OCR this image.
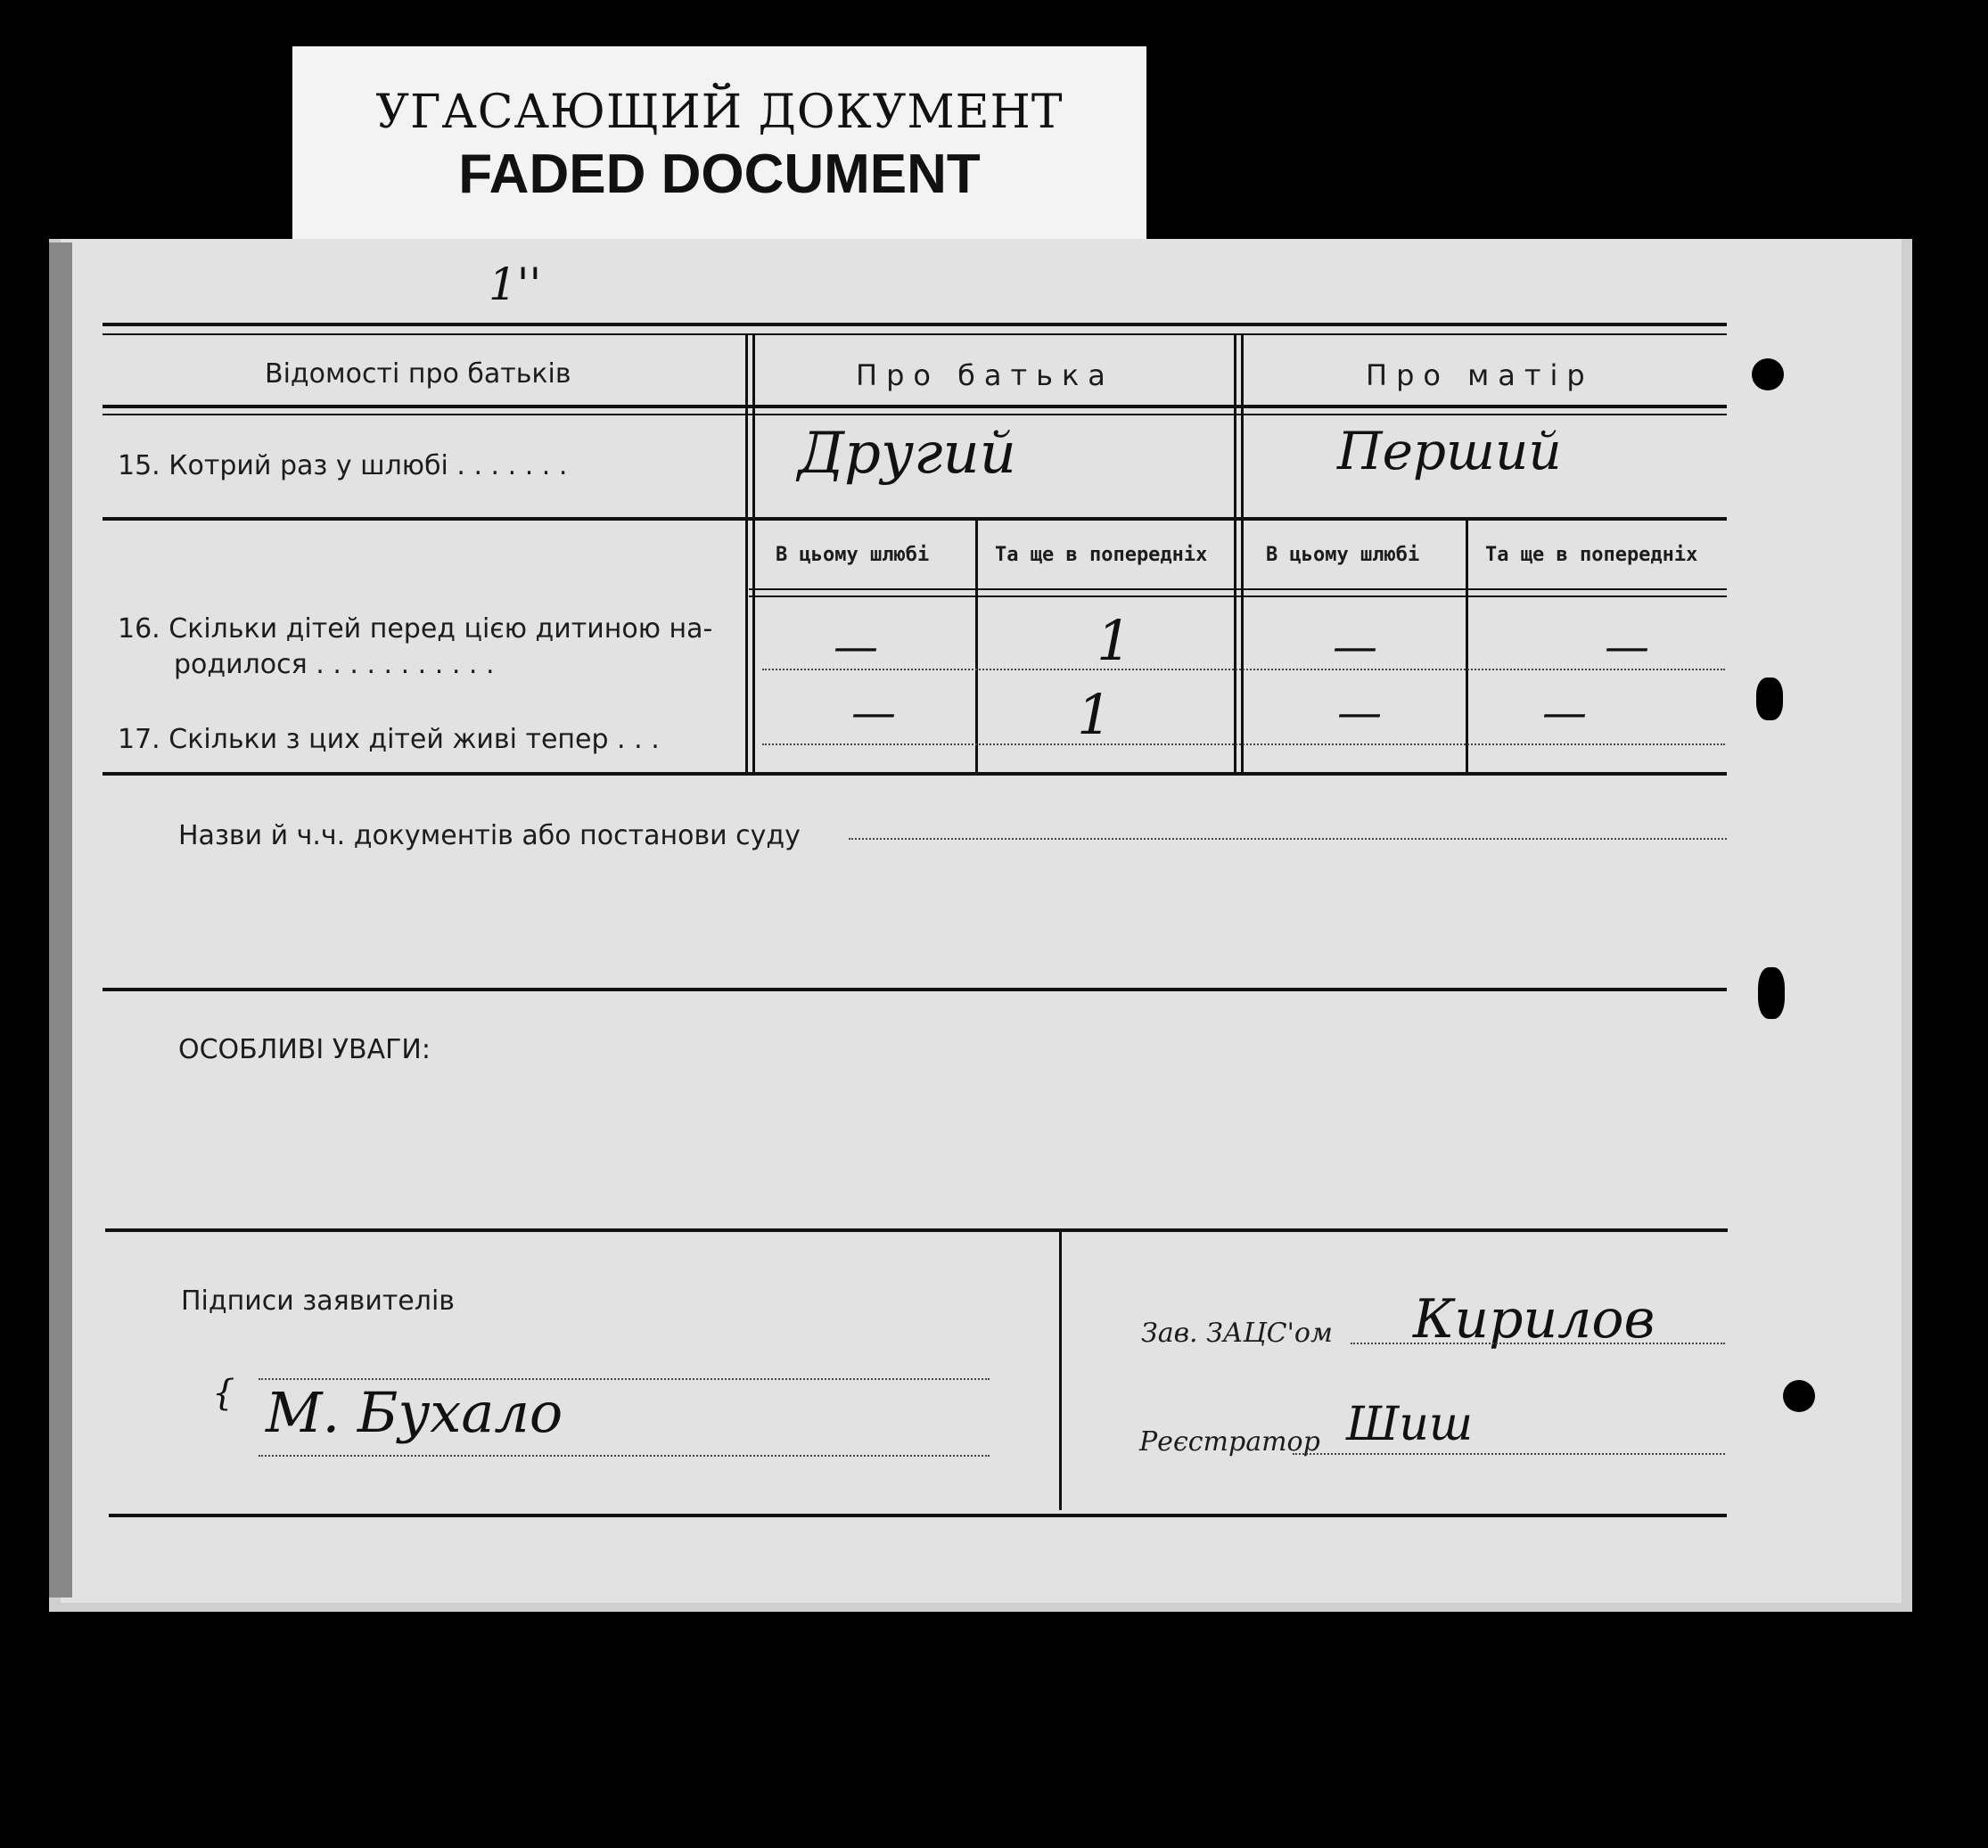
УГАСАЮЩИЙ ДОКУМЕНТ
FADED DOCUMENT
1''
Відомості про батьків	Про батька	Про матір
15. Котрий раз у шлюбі . . . . . . .	Другий	Перший
В цьому шлюбі	Та ще в попередніх	В цьому шлюбі	Та ще в попередніх
16. Скільки дітей перед цією дитиною на-
родилося . . . . . . . . . . .	—	1	—	—
17. Скільки з цих дітей живі тепер . . .
—	1	—	—
Назви й ч.ч. документів або постанови суду
ОСОБЛИВІ УВАГИ:
Підписи заявителів
{ М. Бухало
Зав. ЗАЦС'ом Кирилов
Реєстратор Шиш
